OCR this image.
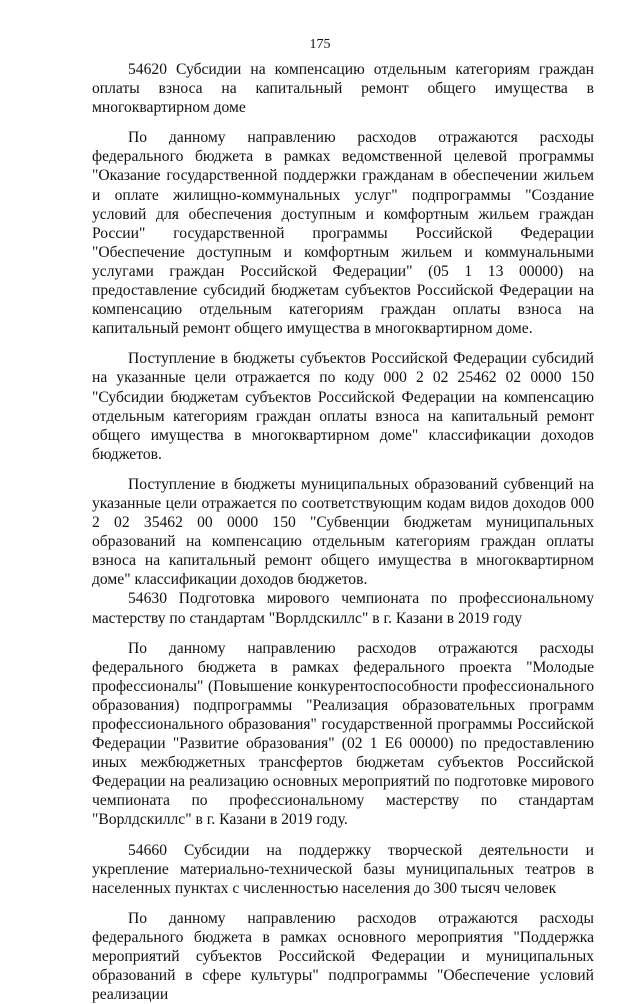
175

54620 Субсидии на компенсацию отдельным категориям граждан оплаты взноса на капитальный ремонт общего имущества в многоквартирном доме

По данному направлению расходов отражаются расходы федерального бюджета в рамках ведомственной целевой программы "Оказание государственной поддержки гражданам в обеспечении жильем и оплате жилищно-коммунальных услуг" подпрограммы "Создание условий для обеспечения доступным и комфортным жильем граждан России" государственной программы Российской Федерации "Обеспечение доступным и комфортным жильем и коммунальными услугами граждан Российской Федерации" (05 1 13 00000) на предоставление субсидий бюджетам субъектов Российской Федерации на компенсацию отдельным категориям граждан оплаты взноса на капитальный ремонт общего имущества в многоквартирном доме.

Поступление в бюджеты субъектов Российской Федерации субсидий на указанные цели отражается по коду 000 2 02 25462 02 0000 150 "Субсидии бюджетам субъектов Российской Федерации на компенсацию отдельным категориям граждан оплаты взноса на капитальный ремонт общего имущества в многоквартирном доме" классификации доходов бюджетов.

Поступление в бюджеты муниципальных образований субвенций на указанные цели отражается по соответствующим кодам видов доходов 000 2 02 35462 00 0000 150 "Субвенции бюджетам муниципальных образований на компенсацию отдельным категориям граждан оплаты взноса на капитальный ремонт общего имущества в многоквартирном доме" классификации доходов бюджетов.

54630 Подготовка мирового чемпионата по профессиональному мастерству по стандартам "Ворлдскиллс" в г. Казани в 2019 году

По данному направлению расходов отражаются расходы федерального бюджета в рамках федерального проекта "Молодые профессионалы" (Повышение конкурентоспособности профессионального образования) подпрограммы "Реализация образовательных программ профессионального образования" государственной программы Российской Федерации "Развитие образования" (02 1 Е6 00000) по предоставлению иных межбюджетных трансфертов бюджетам субъектов Российской Федерации на реализацию основных мероприятий по подготовке мирового чемпионата по профессиональному мастерству по стандартам "Ворлдскиллс" в г. Казани в 2019 году.

54660 Субсидии на поддержку творческой деятельности и укрепление материально-технической базы муниципальных театров в населенных пунктах с численностью населения до 300 тысяч человек

По данному направлению расходов отражаются расходы федерального бюджета в рамках основного мероприятия "Поддержка мероприятий субъектов Российской Федерации и муниципальных образований в сфере культуры" подпрограммы "Обеспечение условий реализации
